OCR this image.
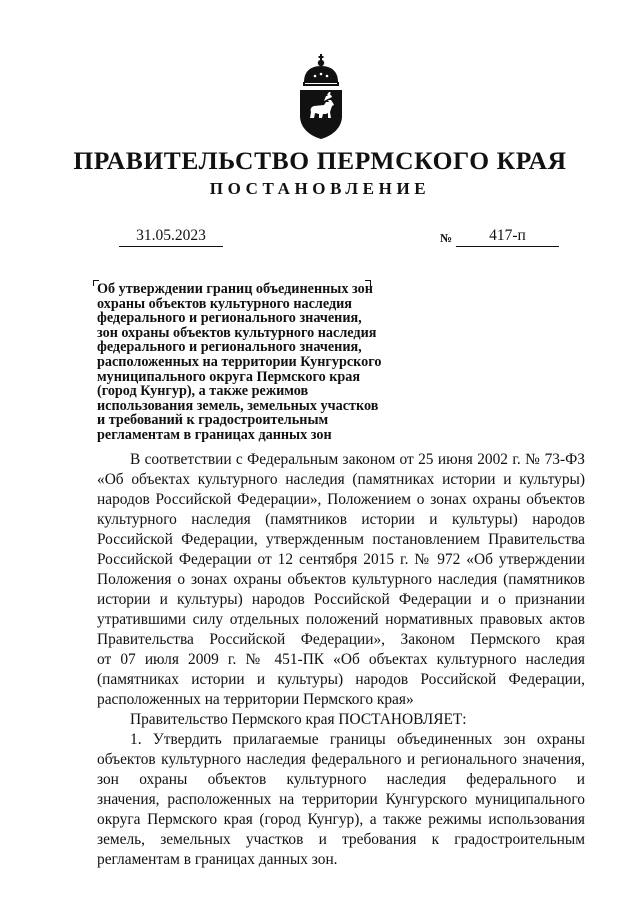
ПРАВИТЕЛЬСТВО ПЕРМСКОГО КРАЯ
ПОСТАНОВЛЕНИЕ
31.05.2023	№	417-п
Об утверждении границ объединенных зон
охраны объектов культурного наследия
федерального и регионального значения,
зон охраны объектов культурного наследия
федерального и регионального значения,
расположенных на территории Кунгурского
муниципального округа Пермского края
(город Кунгур), а также режимов
использования земель, земельных участков
и требований к градостроительным
регламентам в границах данных зон
В соответствии с Федеральным законом от 25 июня 2002 г. № 73-ФЗ
«Об объектах культурного наследия (памятниках истории и культуры)
народов Российской Федерации», Положением о зонах охраны объектов
культурного наследия (памятников истории и культуры) народов
Российской Федерации, утвержденным постановлением Правительства
Российской Федерации от 12 сентября 2015 г. № 972 «Об утверждении
Положения о зонах охраны объектов культурного наследия (памятников
истории и культуры) народов Российской Федерации и о признании
утратившими силу отдельных положений нормативных правовых актов
Правительства Российской Федерации», Законом Пермского края
от 07 июля 2009 г. № 451-ПК «Об объектах культурного наследия
(памятниках истории и культуры) народов Российской Федерации,
расположенных на территории Пермского края»
Правительство Пермского края ПОСТАНОВЛЯЕТ:
1. Утвердить прилагаемые границы объединенных зон охраны
объектов культурного наследия федерального и регионального значения,
зон охраны объектов культурного наследия федерального и
значения, расположенных на территории Кунгурского муниципального
округа Пермского края (город Кунгур), а также режимы использования
земель, земельных участков и требования к градостроительным
регламентам в границах данных зон.
